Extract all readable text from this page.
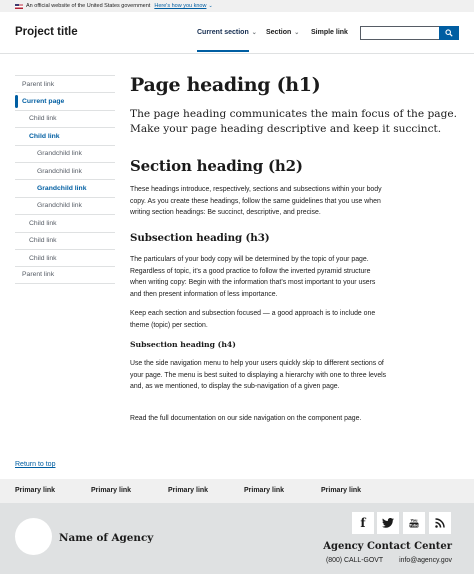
An official website of the United States government Here's how you know ⌄
Project title	Current section ⌄ Section ⌄ Simple link
Parent link
Current page
Child link
Child link
Grandchild link
Grandchild link
Grandchild link
Grandchild link
Child link
Child link
Child link
Parent link
Page heading (h1)

The page heading communicates the main focus of the page. Make your page heading descriptive and keep it succinct.

Section heading (h2)

These headings introduce, respectively, sections and subsections within your body copy. As you create these headings, follow the same guidelines that you use when writing section headings: Be succinct, descriptive, and precise.

Subsection heading (h3)

The particulars of your body copy will be determined by the topic of your page. Regardless of topic, it’s a good practice to follow the inverted pyramid structure when writing copy: Begin with the information that’s most important to your users and then present information of less importance.

Keep each section and subsection focused — a good approach is to include one theme (topic) per section.

Subsection heading (h4)

Use the side navigation menu to help your users quickly skip to different sections of your page. The menu is best suited to displaying a hierarchy with one to three levels and, as we mentioned, to display the sub-navigation of a given page.

Read the full documentation on our side navigation on the component page.

Return to top
Primary link	Primary link	Primary link	Primary link	Primary link
Name of Agency
f	You
Tube
Agency Contact Center
(800) CALL-GOVT info@agency.gov
